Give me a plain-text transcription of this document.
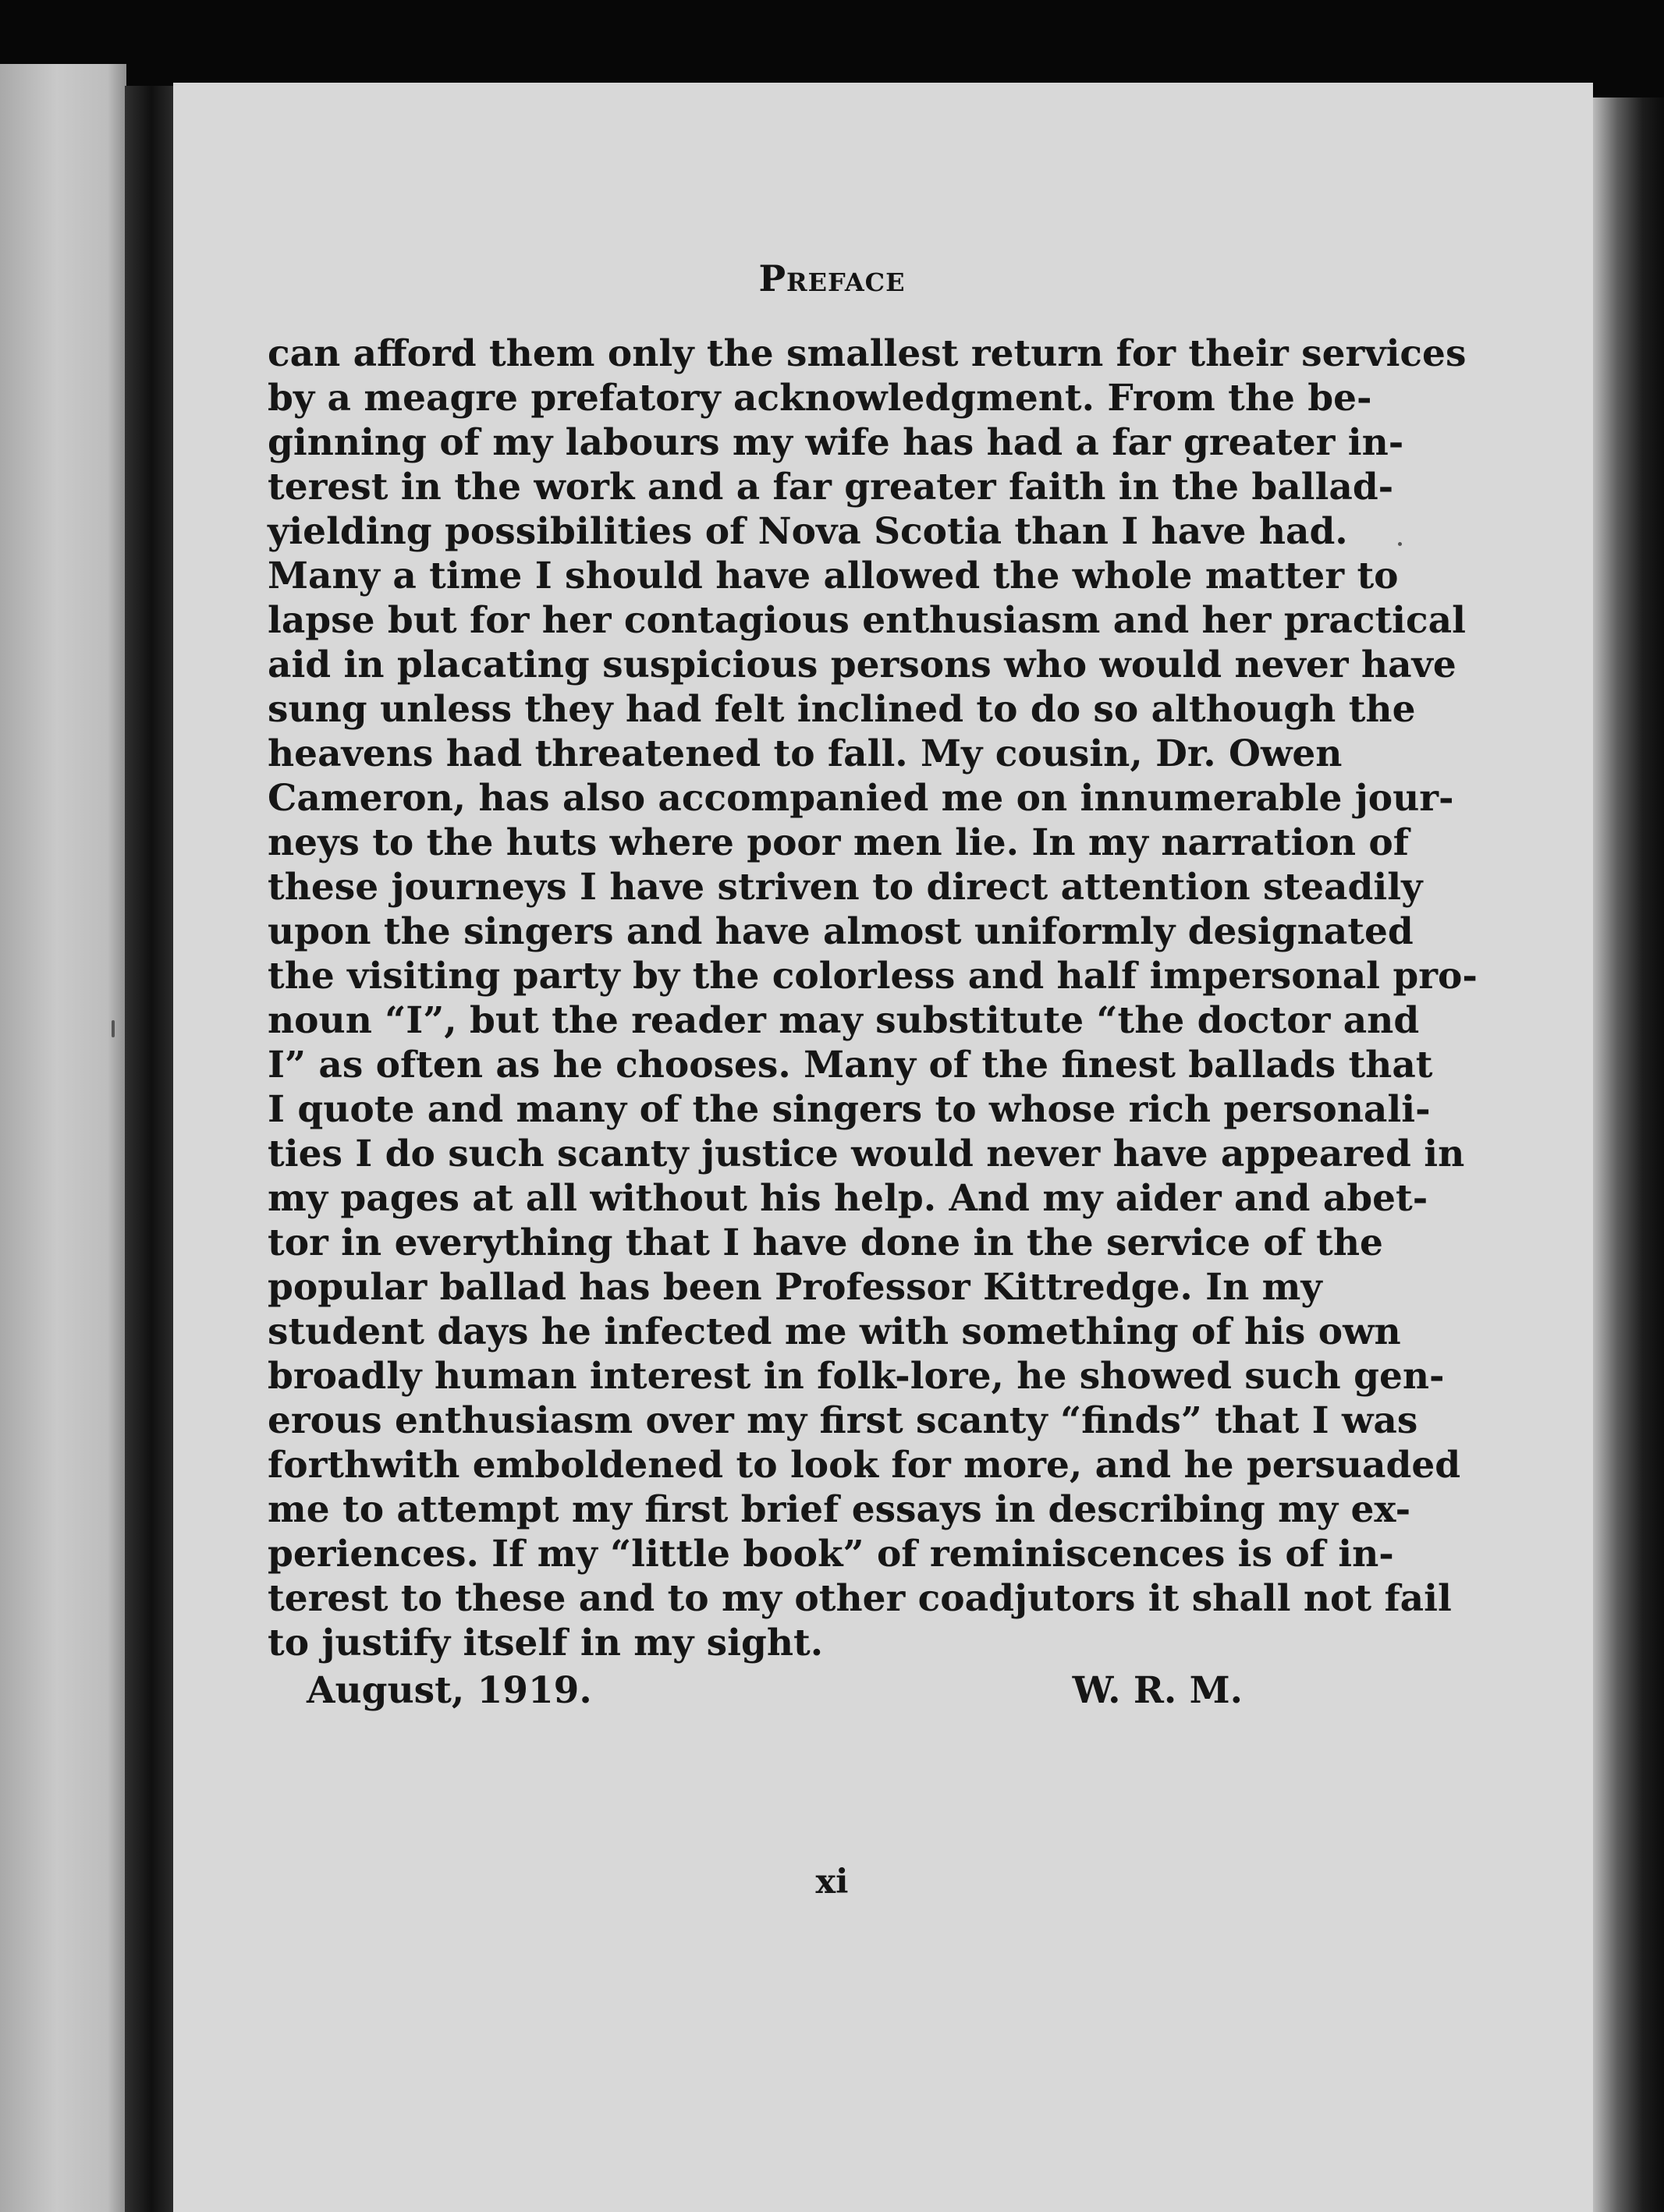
Preface
can afford them only the smallest return for their services
by a meagre prefatory acknowledgment. From the be-
ginning of my labours my wife has had a far greater in-
terest in the work and a far greater faith in the ballad-
yielding possibilities of Nova Scotia than I have had.
Many a time I should have allowed the whole matter to
lapse but for her contagious enthusiasm and her practical
aid in placating suspicious persons who would never have
sung unless they had felt inclined to do so although the
heavens had threatened to fall. My cousin, Dr. Owen
Cameron, has also accompanied me on innumerable jour-
neys to the huts where poor men lie. In my narration of
these journeys I have striven to direct attention steadily
upon the singers and have almost uniformly designated
the visiting party by the colorless and half impersonal pro-
noun “I”, but the reader may substitute “the doctor and
I” as often as he chooses. Many of the finest ballads that
I quote and many of the singers to whose rich personali-
ties I do such scanty justice would never have appeared in
my pages at all without his help. And my aider and abet-
tor in everything that I have done in the service of the
popular ballad has been Professor Kittredge. In my
student days he infected me with something of his own
broadly human interest in folk-lore, he showed such gen-
erous enthusiasm over my first scanty “finds” that I was
forthwith emboldened to look for more, and he persuaded
me to attempt my first brief essays in describing my ex-
periences. If my “little book” of reminiscences is of in-
terest to these and to my other coadjutors it shall not fail
to justify itself in my sight.
August, 1919.	W. R. M.
xi
